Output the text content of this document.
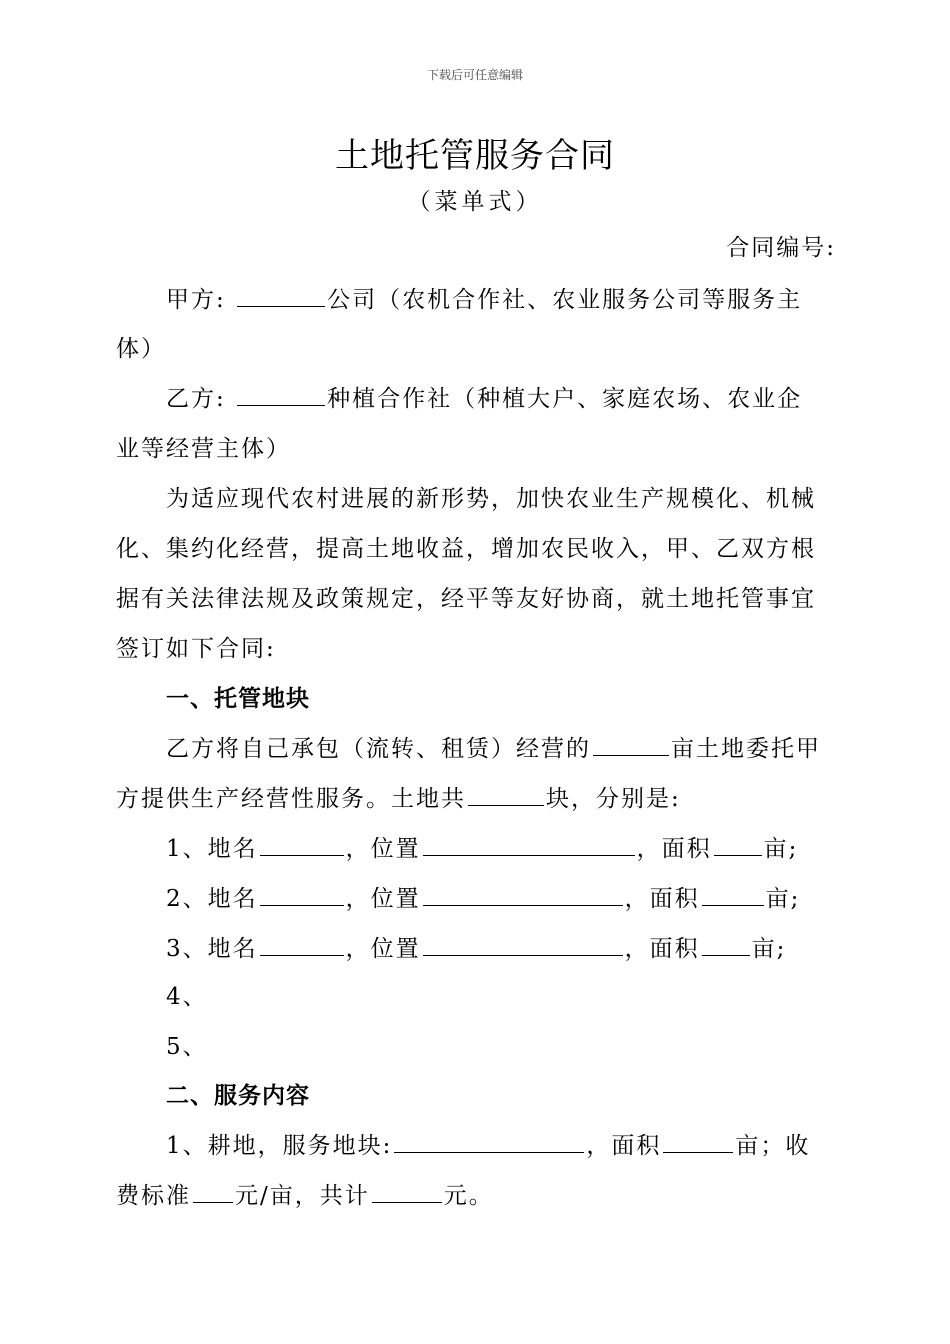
下载后可任意编辑
土地托管服务合同
（菜单式）
合同编号:
甲方:	公司（农机合作社、农业服务公司等服务主
体）
乙方:	种植合作社（种植大户、家庭农场、农业企
业等经营主体）
为适应现代农村进展的新形势，加快农业生产规模化、机械
化、集约化经营，提高土地收益，增加农民收入，甲、乙双方根
据有关法律法规及政策规定，经平等友好协商，就土地托管事宜
签订如下合同:
一、托管地块
乙方将自己承包（流转、租赁）经营的	亩土地委托甲
方提供生产经营性服务。土地共	块，分别是:
1、地名	，位置	，面积 亩;
2、地名	，位置	，面积	亩;
3、地名	，位置	，面积 亩;
4、
5、
二、服务内容
1、耕地，服务地块:	，面积	亩；收
费标准 元/亩，共计	元。
